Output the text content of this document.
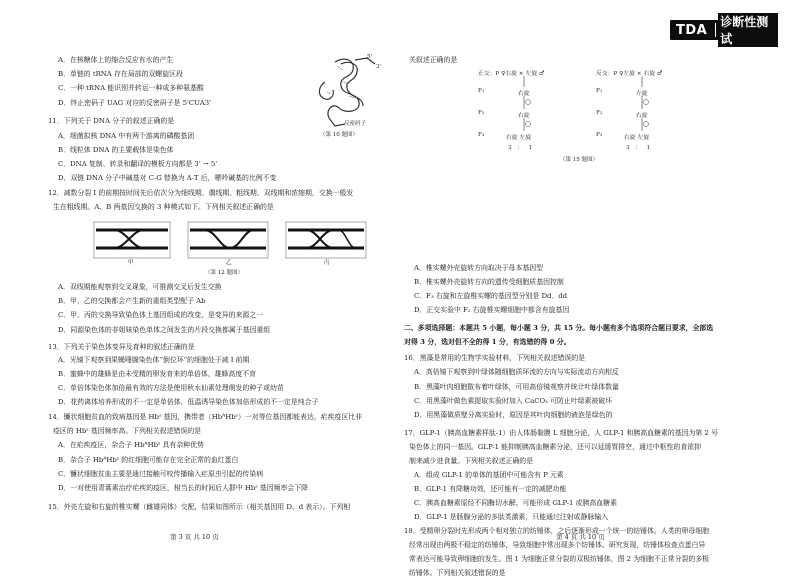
TDA
诊断性测试
A．在核糖体上的缩合反应有水的产生
B．单链的 tRNA 存在局部的双螺旋区段
C．一种 tRNA 能识别并转运一种或多种氨基酸
D．终止密码子 UAG 对应的反密码子是 5'CUA3'
11．下列关于 DNA 分子的叙述正确的是
A．细菌拟核 DNA 中有两个游离的磷酸基团
B．线粒体 DNA 的主要载体是染色体
C．DNA 复制、转录和翻译的模板方向都是 3' → 5'
D．双链 DNA 分子中碱基对 C-G 替换为 A-T 后，嘌呤碱基的比例不变
12．减数分裂 I 的前期按时间先后依次分为细线期、偶线期、粗线期、双线期和浓缩期，交换一般发
生在粗线期。A、B 两基因交换的 3 种模式如下。下列相关叙述正确的是
A．双线期能观察到交叉现象，可推测交叉后发生交换
B．甲、乙的交换都会产生新的重组类型配子 Ab
C．甲、丙的交换导致染色体上基因组成的改变，是变异的来源之一
D．同源染色体的非姐妹染色单体之间发生的片段交换都属于基因重组
13．下列关于染色体变异及育种的叙述正确的是
A．光镜下观察到果蝇唾腺染色体“倒位环”的细胞处于减 I 前期
B．蜜蜂中的雄蜂是由未受精的卵发育来的单倍体，雄蜂高度不育
C．单倍体染色体加倍最有效的方法是使用秋水仙素处理萌发的种子或幼苗
D．花药离体培养形成的不一定是单倍体，低温诱导染色体加倍形成的不一定是纯合子
14．镰状细胞贫血的致病基因是 Hbˢ 基因，携带者（HbᴬHbˢ）一对等位基因都能表达，疟疾疫区比非
疫区的 Hbˢ 基因频率高。下列相关叙述错误的是
A．在疟疾疫区，杂合子 HbᴬHbˢ 具有杂种优势
B．杂合子 HbᴬHbˢ 的红细胞可能存在完全正常的血红蛋白
C．镰状细胞贫血主要是通过接触可咬传播输入疟原虫引起的传染病
D．一对使用青蒿素治疗疟疾的疫区，相当长的时间后人群中 Hbˢ 基因频率会下降
15．外壳左旋和右旋的椎实螺（雌雄同体）交配，结果如图所示（相关基因用 D、d 表示）。下列相
5'
3'
反密码子
（第 10 题图）
甲	乙	丙
（第 12 题图）
第 3 页 共 10 页
关叙述正确的是
A．椎实螺外壳旋转方向取决于母本基因型
B．椎实螺外壳旋转方向的遗传受细胞质基因控制
C．F₃ 右旋和左旋椎实螺的基因型分别是 Dd、dd
D．正交实验中 F₂ 右旋椎实螺细胞中都含有旋基因
二、多项选择题：本题共 5 小题，每小题 3 分，共 15 分。每小题有多个选项符合题目要求，全部选
对得 3 分，选对但不全的得 1 分，有选错的得 0 分。
16．黑藻是常用的生物学实验材料，下列相关叙述错误的是
A．高倍镜下观察到叶绿体随细胞质环流的方向与实际流动方向相反
B．黑藻叶肉细胞散布着叶绿体，可用高倍镜观察并统计叶绿体数量
C．用黑藻叶做色素提取实验时加入 CaCO₃ 可防止叶绿素被破坏
D．用黑藻做质壁分离实验时，原因是其叶肉细胞的液泡是绿色的
17．GLP-1（胰高血糖素样肽-1）由人体肠黏膜 L 细胞分泌，人 GLP-1 和胰高血糖素的基因为第 2 号
染色体上的同一基因。GLP-1 能抑制胰高血糖素分泌，还可以延缓胃排空，通过中枢性的食欲抑
制来减少进食量。下列相关叙述正确的是
A．组成 GLP-1 的单体的基团中可能含有 P 元素
B．GLP-1 有降糖功效，还可能有一定的减肥功能
C．胰高血糖素原经不同酶切水解，可能形成 GLP-1 或胰高血糖素
D．GLP-1 是肠腺分泌的多肽类激素，只能通过注射或静脉输入
18．受精卵分裂时先形成两个相对独立的纺锤体，之后逐渐形成一个统一的纺锤体。人类的卵母细胞
经常出现由两极不稳定的纺锤体，导致细胞中常出现多个纺锤体。研究发现，纺锤体检查点蛋白异
常表达可能导致卵细胞的发生。图 1 为细胞正常分裂的双极纺锤体，图 2 为细胞不正常分裂的多极
纺锤体。下列相关叙述错误的是
正交：P ♀右旋 × 左旋 ♂
F₁	右旋
F₂	右旋
F₃	右旋 左旋
3   ：   1
反交：P ♀左旋 × 右旋 ♂
F₁	左旋
F₂	右旋
F₃	右旋 左旋
3   ：   1
（第 15 题图）
第 4 页 共 10 页
